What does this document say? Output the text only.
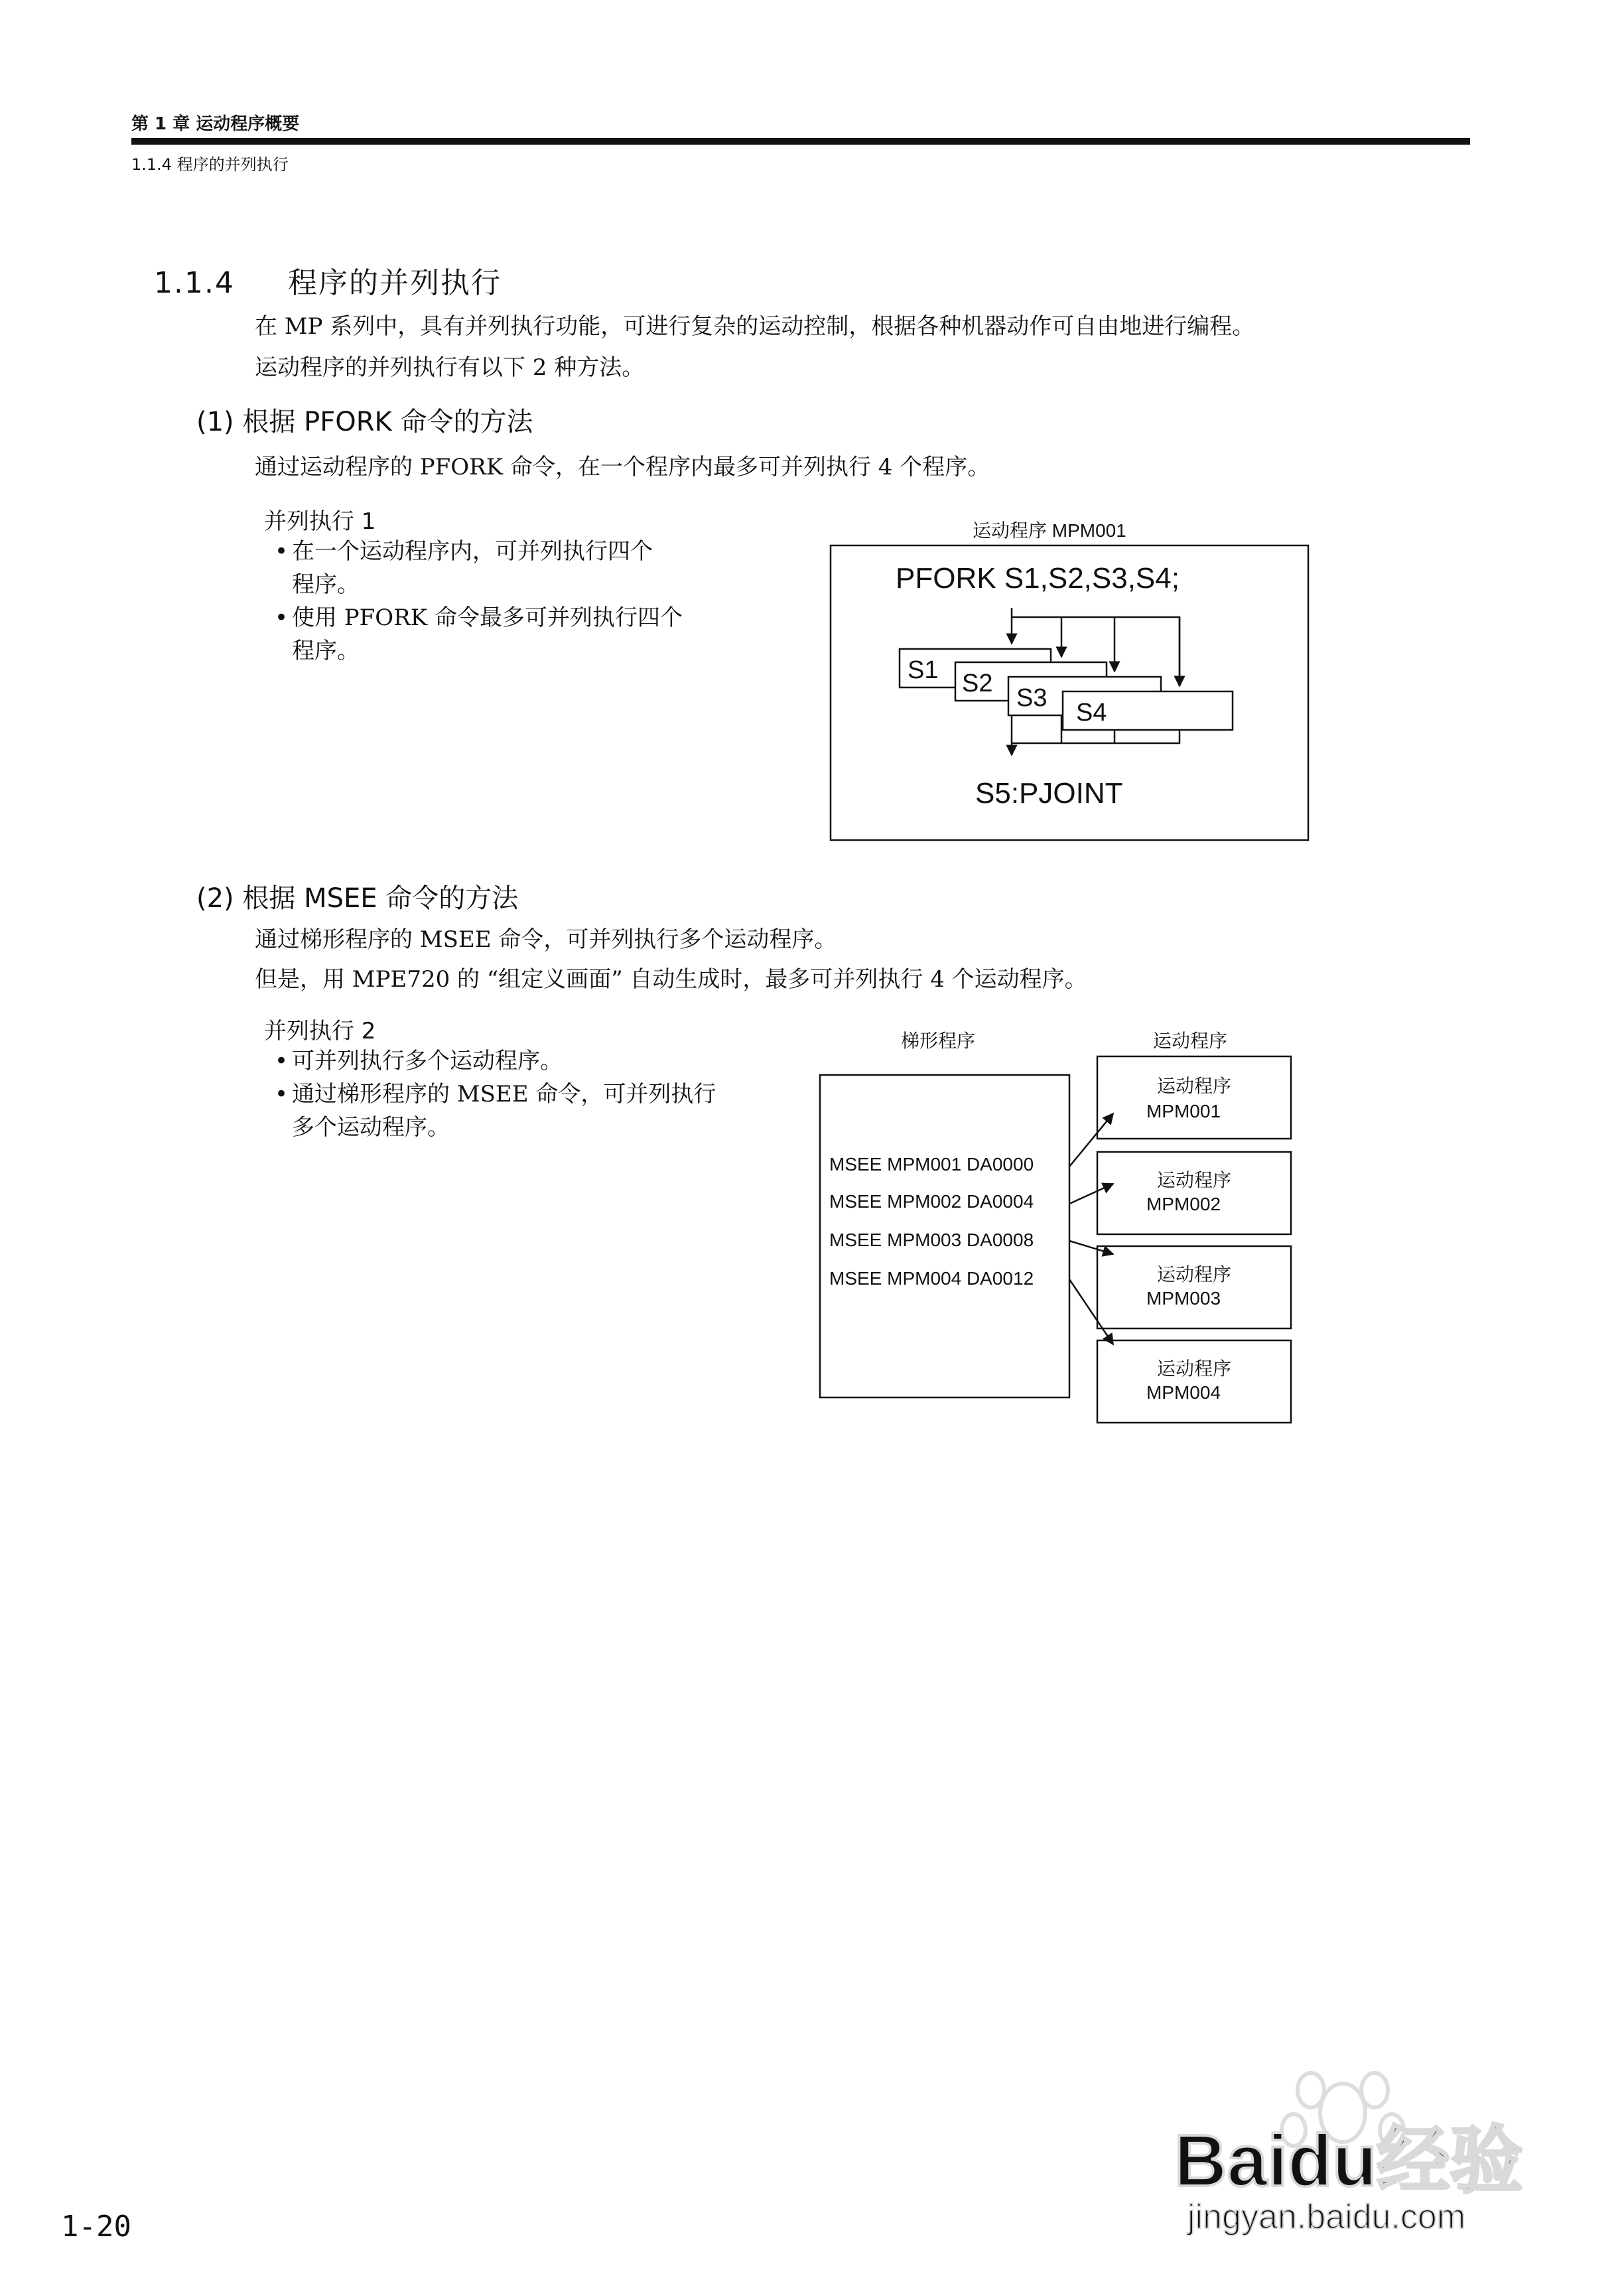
第 1 章 运动程序概要
1.1.4 程序的并列执行
1.1.4 程序的并列执行
在 MP 系列中，具有并列执行功能，可进行复杂的运动控制，根据各种机器动作可自由地进行编程。
运动程序的并列执行有以下 2 种方法。
(1) 根据 PFORK 命令的方法
通过运动程序的 PFORK 命令，在一个程序内最多可并列执行 4 个程序。
并列执行 1
• 在一个运动程序内，可并列执行四个
程序。
• 使用 PFORK 命令最多可并列执行四个
程序。
运动程序 MPM001
PFORK S1,S2,S3,S4;
S1 S2
S3
S4
S5:PJOINT
(2) 根据 MSEE 命令的方法
通过梯形程序的 MSEE 命令，可并列执行多个运动程序。
但是，用 MPE720 的 “组定义画面” 自动生成时，最多可并列执行 4 个运动程序。
并列执行 2
• 可并列执行多个运动程序。
• 通过梯形程序的 MSEE 命令，可并列执行
多个运动程序。
梯形程序	运动程序
MSEE MPM001 DA0000
MSEE MPM002 DA0004
MSEE MPM003 DA0008
MSEE MPM004 DA0012
运动程序
MPM001
运动程序
MPM002
运动程序
MPM003
运动程序
MPM004
Baidu经验
jingyan.baidu.com
1-20
